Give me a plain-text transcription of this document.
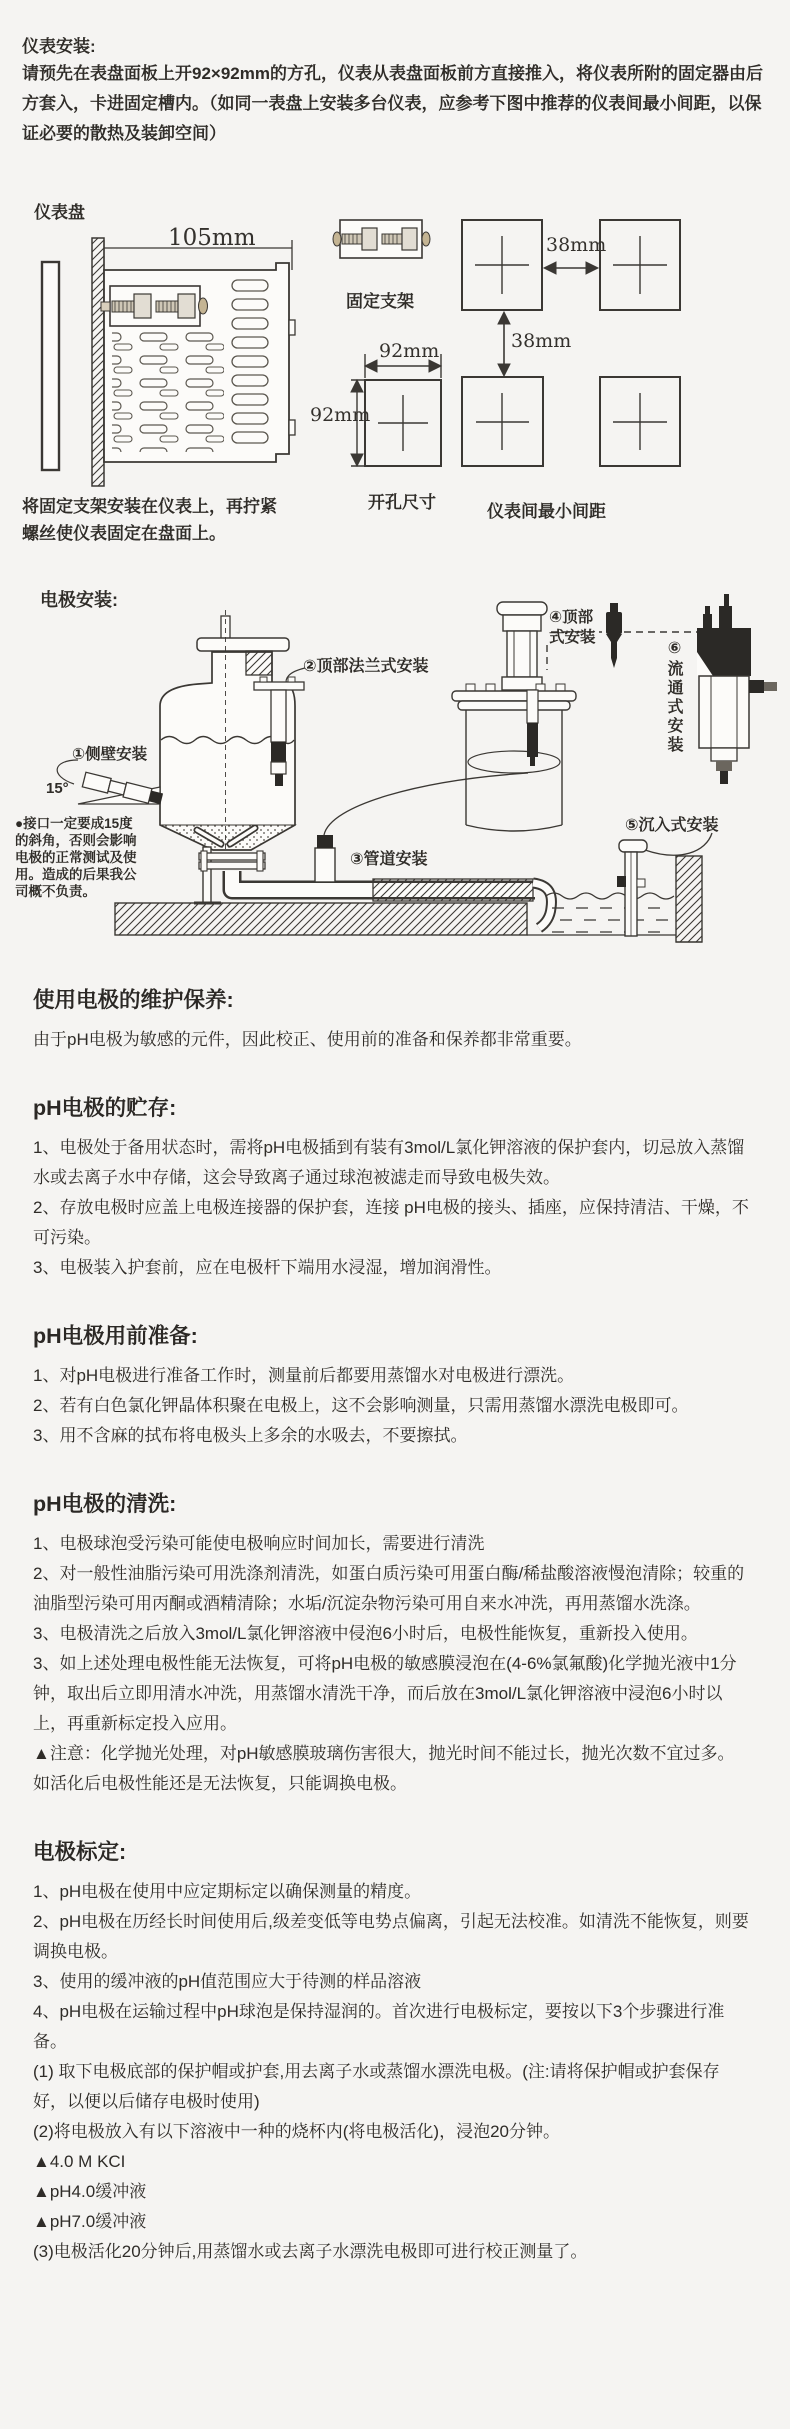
仪表安装:
请预先在表盘面板上开92×92mm的方孔，仪表从表盘面板前方直接推入，将仪表所附的固定器由后方套入，卡进固定槽内。（如同一表盘上安装多台仪表，应参考下图中推荐的仪表间最小间距，以保证必要的散热及装卸空间）
仪表盘
105mm
固定支架
38mm
38mm
92mm
92mm
开孔尺寸	仪表间最小间距
将固定支架安装在仪表上，再拧紧
螺丝使仪表固定在盘面上。
电极安装:
①侧壁安装
15°
②顶部法兰式安装
③管道安装
④顶部
式安装
⑤沉入式安装
⑥流通式安装
●接口一定要成15度
的斜角，否则会影响
电极的正常测试及使
用。造成的后果我公
司概不负责。
使用电极的维护保养:

由于pH电极为敏感的元件，因此校正、使用前的准备和保养都非常重要。

pH电极的贮存:

1、电极处于备用状态时，需将pH电极插到有装有3mol/L氯化钾溶液的保护套内，切忌放入蒸馏水或去离子水中存储，这会导致离子通过球泡被滤走而导致电极失效。

2、存放电极时应盖上电极连接器的保护套，连接 pH电极的接头、插座，应保持清洁、干燥，不可污染。

3、电极装入护套前，应在电极杆下端用水浸湿，增加润滑性。

pH电极用前准备:

1、对pH电极进行准备工作时，测量前后都要用蒸馏水对电极进行漂洗。

2、若有白色氯化钾晶体积聚在电极上，这不会影响测量，只需用蒸馏水漂洗电极即可。

3、用不含麻的拭布将电极头上多余的水吸去，不要擦拭。

pH电极的清洗:

1、电极球泡受污染可能使电极响应时间加长，需要进行清洗

2、对一般性油脂污染可用洗涤剂清洗，如蛋白质污染可用蛋白酶/稀盐酸溶液慢泡清除；较重的油脂型污染可用丙酮或酒精清除；水垢/沉淀杂物污染可用自来水冲洗，再用蒸馏水洗涤。

3、电极清洗之后放入3mol/L氯化钾溶液中侵泡6小时后，电极性能恢复，重新投入使用。

3、如上述处理电极性能无法恢复，可将pH电极的敏感膜浸泡在(4-6%氯氟酸)化学抛光液中1分钟，取出后立即用清水冲洗，用蒸馏水清洗干净，而后放在3mol/L氯化钾溶液中浸泡6小时以上，再重新标定投入应用。

▲注意：化学抛光处理，对pH敏感膜玻璃伤害很大，抛光时间不能过长，抛光次数不宜过多。

如活化后电极性能还是无法恢复，只能调换电极。

电极标定:

1、pH电极在使用中应定期标定以确保测量的精度。

2、pH电极在历经长时间使用后,级差变低等电势点偏离，引起无法校准。如清洗不能恢复，则要调换电极。

3、使用的缓冲液的pH值范围应大于待测的样品溶液

4、pH电极在运输过程中pH球泡是保持湿润的。首次进行电极标定，要按以下3个步骤进行准备。

(1) 取下电极底部的保护帽或护套,用去离子水或蒸馏水漂洗电极。(注:请将保护帽或护套保存好，以便以后储存电极时使用)

(2)将电极放入有以下溶液中一种的烧杯内(将电极活化)，浸泡20分钟。

▲4.0 M KCI

▲pH4.0缓冲液

▲pH7.0缓冲液

(3)电极活化20分钟后,用蒸馏水或去离子水漂洗电极即可进行校正测量了。
